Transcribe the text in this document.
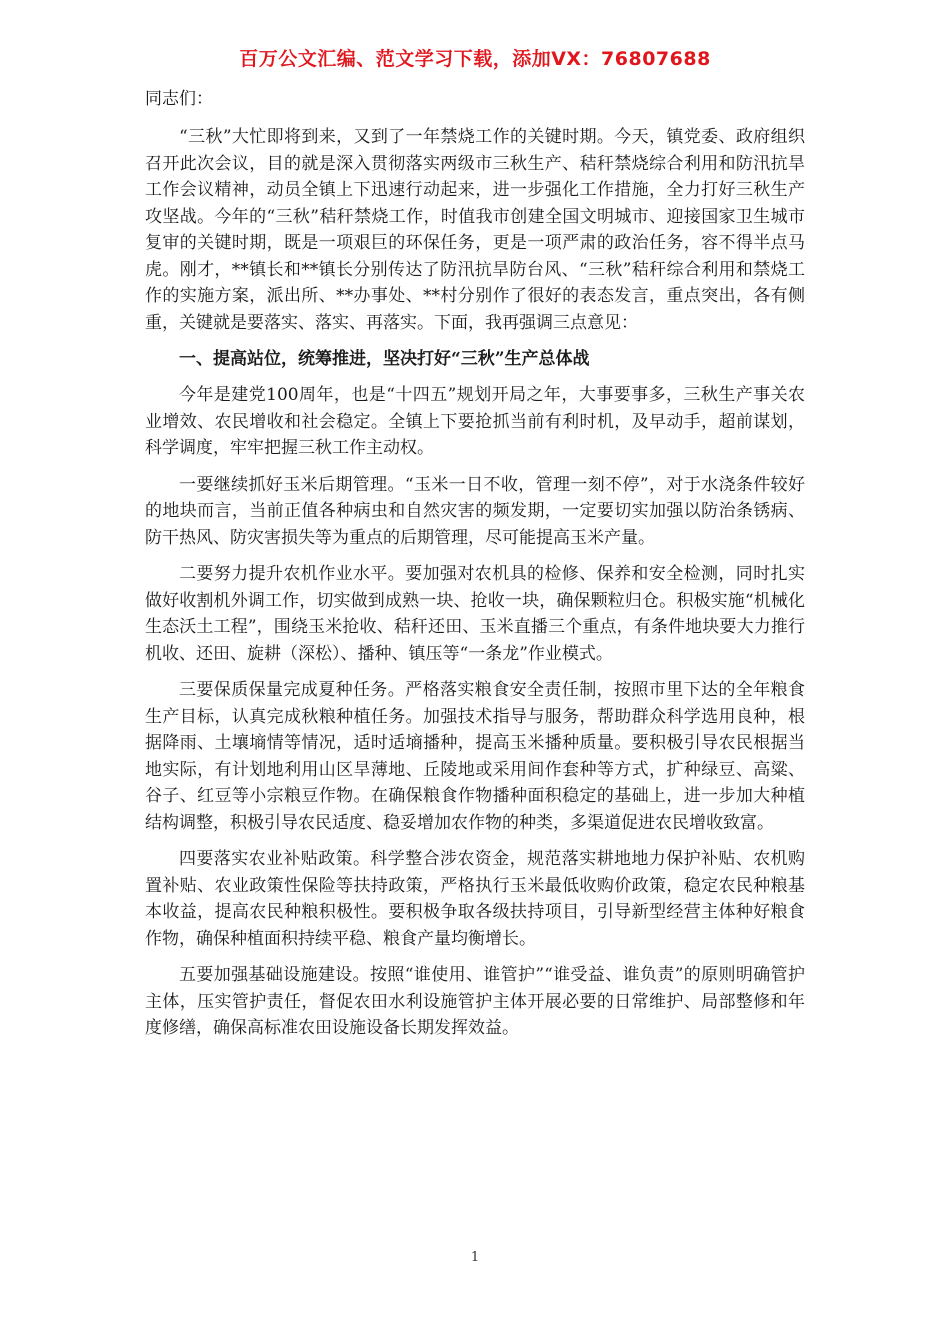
百万公文汇编、范文学习下载，添加VX：76807688
同志们：

“三秋”大忙即将到来，又到了一年禁烧工作的关键时期。今天，镇党委、政府组织召开此次会议，目的就是深入贯彻落实两级市三秋生产、秸秆禁烧综合利用和防汛抗旱工作会议精神，动员全镇上下迅速行动起来，进一步强化工作措施，全力打好三秋生产攻坚战。今年的“三秋”秸秆禁烧工作，时值我市创建全国文明城市、迎接国家卫生城市复审的关键时期，既是一项艰巨的环保任务，更是一项严肃的政治任务，容不得半点马虎。刚才，**镇长和**镇长分别传达了防汛抗旱防台风、“三秋”秸秆综合利用和禁烧工作的实施方案，派出所、**办事处、**村分别作了很好的表态发言，重点突出，各有侧重，关键就是要落实、落实、再落实。下面，我再强调三点意见：

一、提高站位，统筹推进，坚决打好“三秋”生产总体战

今年是建党100周年，也是“十四五”规划开局之年，大事要事多，三秋生产事关农业增效、农民增收和社会稳定。全镇上下要抢抓当前有利时机，及早动手，超前谋划，科学调度，牢牢把握三秋工作主动权。

一要继续抓好玉米后期管理。“玉米一日不收，管理一刻不停”，对于水浇条件较好的地块而言，当前正值各种病虫和自然灾害的频发期，一定要切实加强以防治条锈病、防干热风、防灾害损失等为重点的后期管理，尽可能提高玉米产量。

二要努力提升农机作业水平。要加强对农机具的检修、保养和安全检测，同时扎实做好收割机外调工作，切实做到成熟一块、抢收一块，确保颗粒归仓。积极实施“机械化生态沃土工程”，围绕玉米抢收、秸秆还田、玉米直播三个重点，有条件地块要大力推行机收、还田、旋耕（深松）、播种、镇压等“一条龙”作业模式。

三要保质保量完成夏种任务。严格落实粮食安全责任制，按照市里下达的全年粮食生产目标，认真完成秋粮种植任务。加强技术指导与服务，帮助群众科学选用良种，根据降雨、土壤墒情等情况，适时适墒播种，提高玉米播种质量。要积极引导农民根据当地实际，有计划地利用山区旱薄地、丘陵地或采用间作套种等方式，扩种绿豆、高粱、谷子、红豆等小宗粮豆作物。在确保粮食作物播种面积稳定的基础上，进一步加大种植结构调整，积极引导农民适度、稳妥增加农作物的种类，多渠道促进农民增收致富。

四要落实农业补贴政策。科学整合涉农资金，规范落实耕地地力保护补贴、农机购置补贴、农业政策性保险等扶持政策，严格执行玉米最低收购价政策，稳定农民种粮基本收益，提高农民种粮积极性。要积极争取各级扶持项目，引导新型经营主体种好粮食作物，确保种植面积持续平稳、粮食产量均衡增长。

五要加强基础设施建设。按照“谁使用、谁管护”“谁受益、谁负责”的原则明确管护主体，压实管护责任，督促农田水利设施管护主体开展必要的日常维护、局部整修和年度修缮，确保高标准农田设施设备长期发挥效益。

1
